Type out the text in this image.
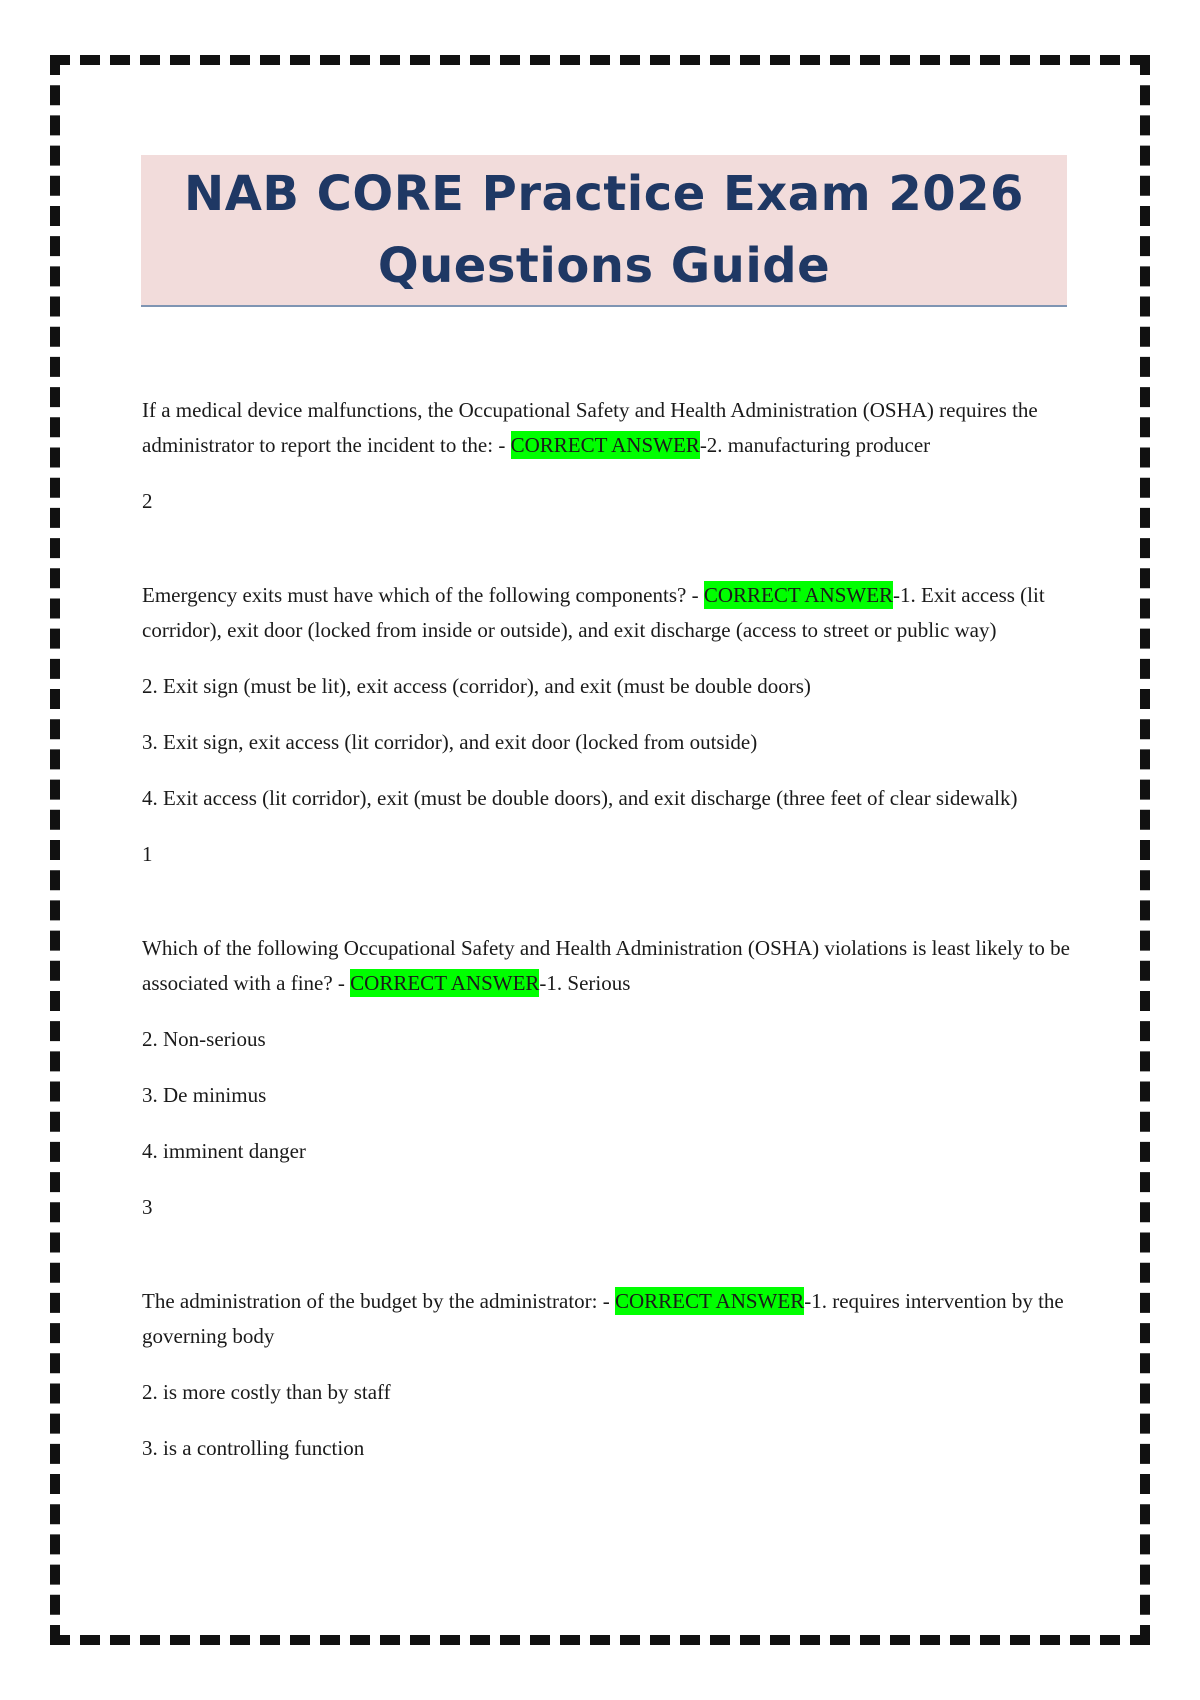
NAB CORE Practice Exam 2026
Questions Guide

If a medical device malfunctions, the Occupational Safety and Health Administration (OSHA) requires the administrator to report the incident to the: - CORRECT ANSWER-2. manufacturing producer

2

Emergency exits must have which of the following components? - CORRECT ANSWER-1. Exit access (lit corridor), exit door (locked from inside or outside), and exit discharge (access to street or public way)

2. Exit sign (must be lit), exit access (corridor), and exit (must be double doors)

3. Exit sign, exit access (lit corridor), and exit door (locked from outside)

4. Exit access (lit corridor), exit (must be double doors), and exit discharge (three feet of clear sidewalk)

1

Which of the following Occupational Safety and Health Administration (OSHA) violations is least likely to be associated with a fine? - CORRECT ANSWER-1. Serious

2. Non-serious

3. De minimus

4. imminent danger

3

The administration of the budget by the administrator: - CORRECT ANSWER-1. requires intervention by the governing body

2. is more costly than by staff

3. is a controlling function
